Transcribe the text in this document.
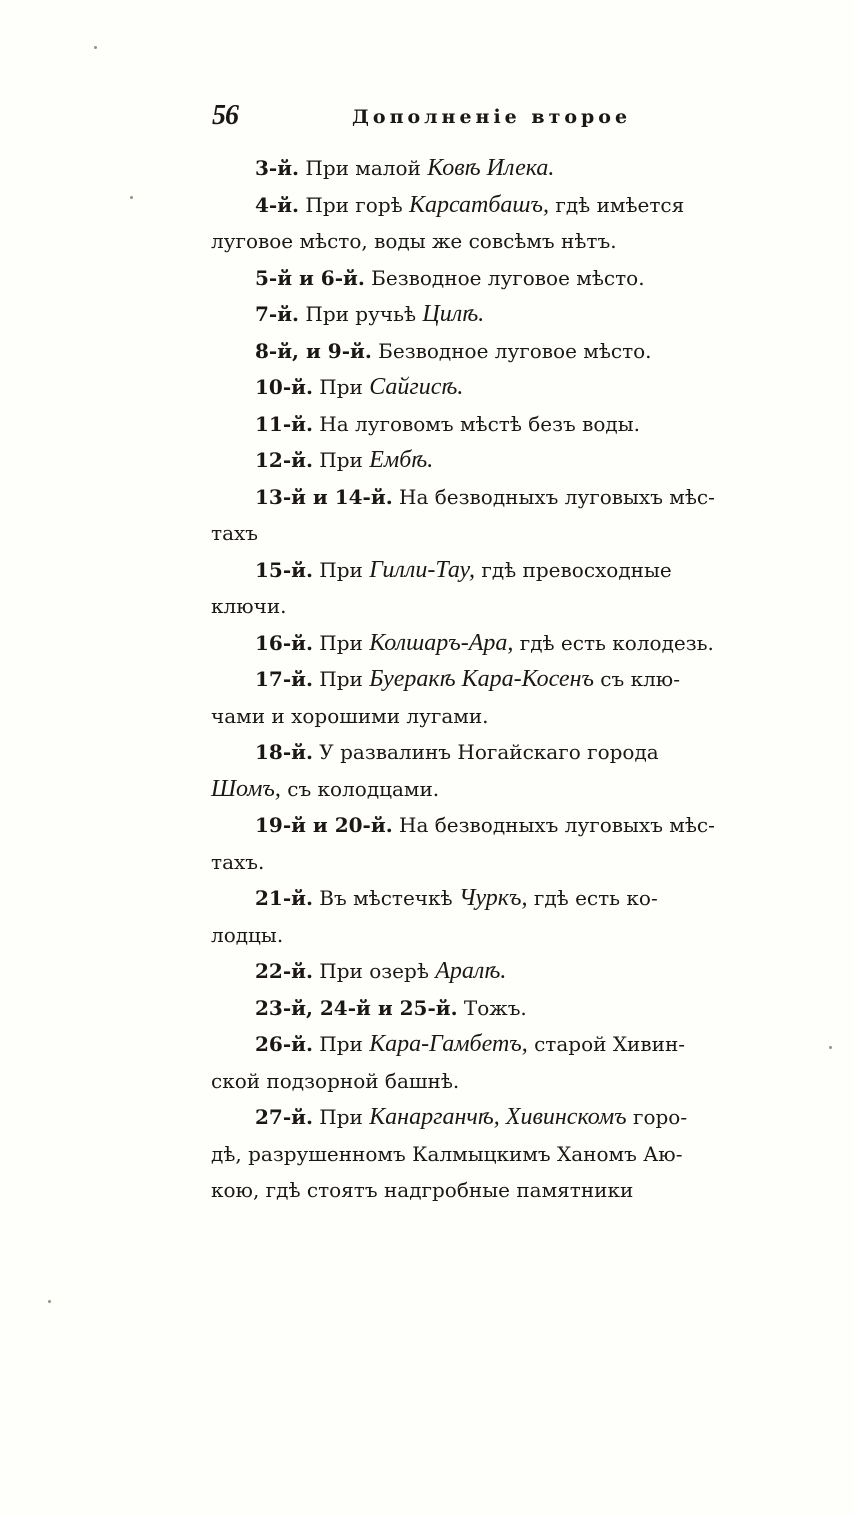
56	Дополненіе второе
3-й. При малой Ковѣ Илека.
4-й. При горѣ Карсатбашъ, гдѣ имѣется
луговое мѣсто, воды же совсѣмъ нѣтъ.
5-й и 6-й. Безводное луговое мѣсто.
7-й. При ручьѣ Цилѣ.
8-й, и 9-й. Безводное луговое мѣсто.
10-й. При Сайгисѣ.
11-й. На луговомъ мѣстѣ безъ воды.
12-й. При Ембѣ.
13-й и 14-й. На безводныхъ луговыхъ мѣс-
тахъ
15-й. При Гилли-Тау, гдѣ превосходные
ключи.
16-й. При Колшаръ-Ара, гдѣ есть колодезь.
17-й. При Буеракѣ Кара-Косенъ съ клю-
чами и хорошими лугами.
18-й. У развалинъ Ногайскаго города
Шомъ, съ колодцами.
19-й и 20-й. На безводныхъ луговыхъ мѣс-
тахъ.
21-й. Въ мѣстечкѣ Чуркъ, гдѣ есть ко-
лодцы.
22-й. При озерѣ Аралѣ.
23-й, 24-й и 25-й. Тожъ.
26-й. При Кара-Гамбетъ, старой Хивин-
ской подзорной башнѣ.
27-й. При Канарганчѣ, Хивинскомъ горо-
дѣ, разрушенномъ Калмыцкимъ Ханомъ Аю-
кою, гдѣ стоятъ надгробные памятники
